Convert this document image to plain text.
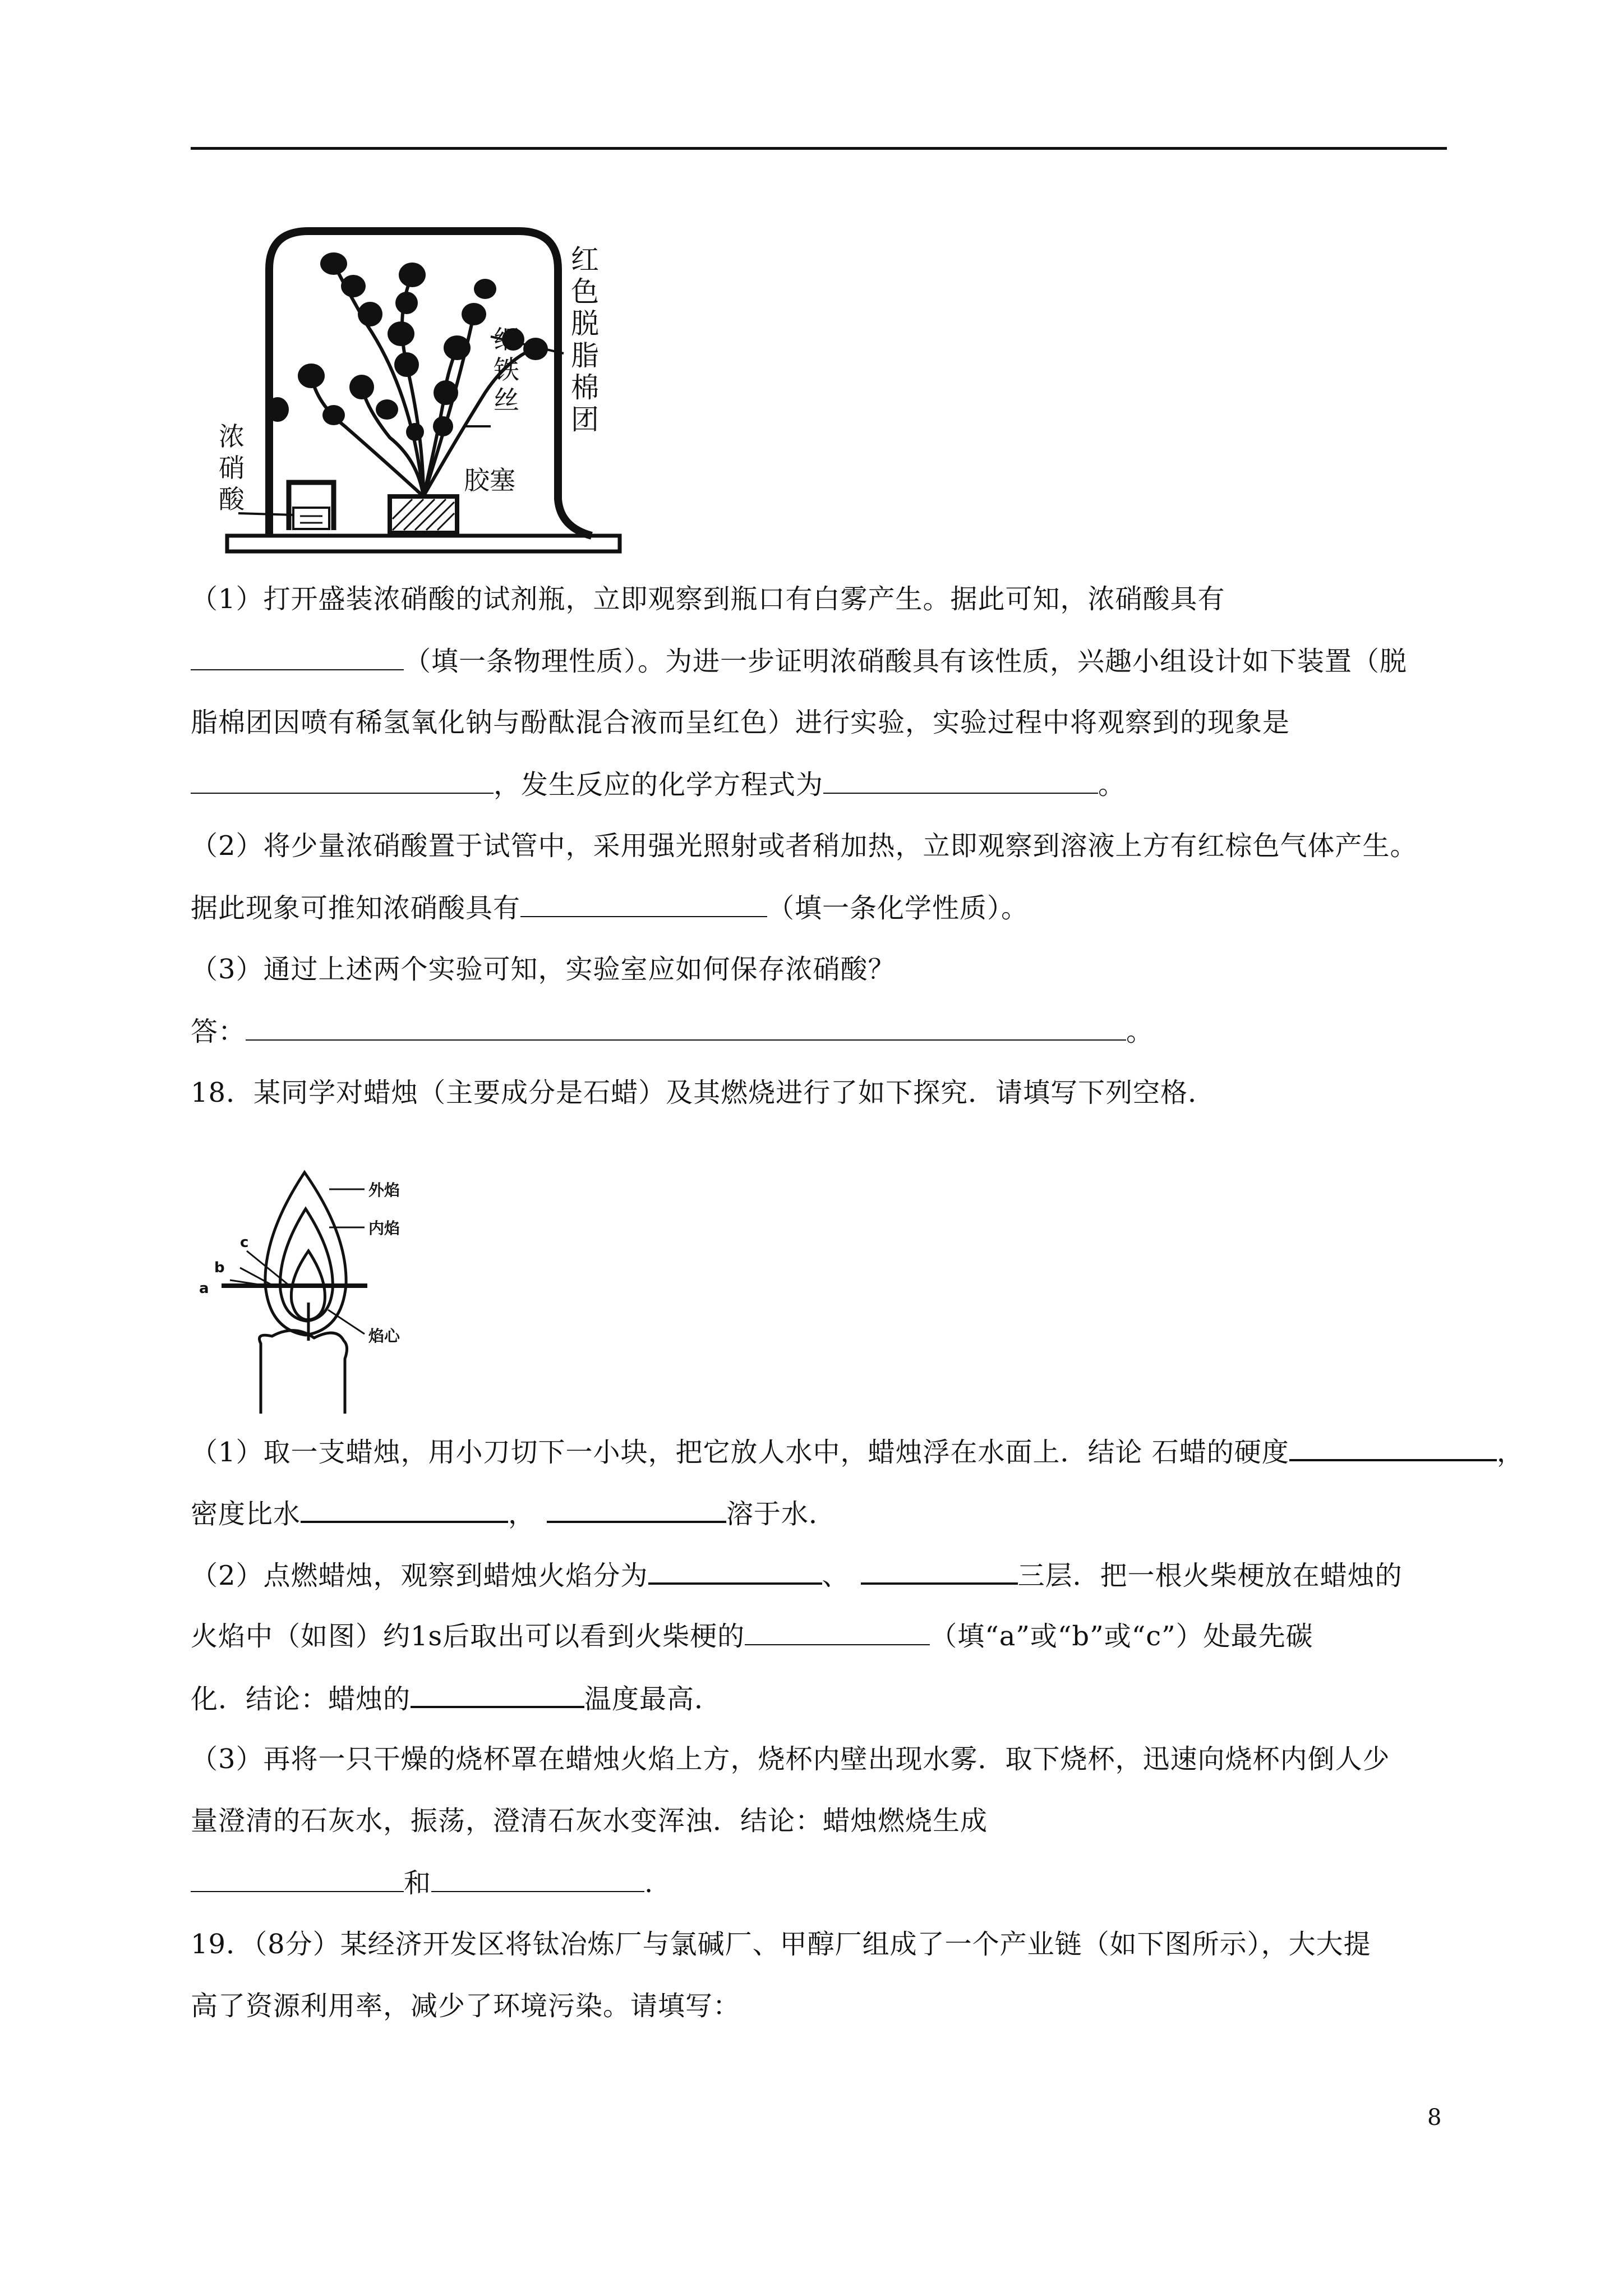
红
色
脱
脂
棉
团
细
铁
丝
胶塞
浓
硝
酸
（1）打开盛装浓硝酸的试剂瓶，立即观察到瓶口有白雾产生。据此可知，浓硝酸具有
（填一条物理性质）。为进一步证明浓硝酸具有该性质，兴趣小组设计如下装置（脱
脂棉团因喷有稀氢氧化钠与酚酞混合液而呈红色）进行实验，实验过程中将观察到的现象是
，发生反应的化学方程式为	。
（2）将少量浓硝酸置于试管中，采用强光照射或者稍加热，立即观察到溶液上方有红棕色气体产生。
据此现象可推知浓硝酸具有	（填一条化学性质）。
（3）通过上述两个实验可知，实验室应如何保存浓硝酸？
答：	。
18．某同学对蜡烛（主要成分是石蜡）及其燃烧进行了如下探究．请填写下列空格．
外焰
内焰
焰心
c
b
a
（1）取一支蜡烛，用小刀切下一小块，把它放人水中，蜡烛浮在水面上．结论 石蜡的硬度	，
密度比水	，	溶于水．
（2）点燃蜡烛，观察到蜡烛火焰分为	、	三层．把一根火柴梗放在蜡烛的
火焰中（如图）约1s后取出可以看到火柴梗的	（填“a”或“b”或“c”）处最先碳
化．结论：蜡烛的	温度最高．
（3）再将一只干燥的烧杯罩在蜡烛火焰上方，烧杯内壁出现水雾．取下烧杯，迅速向烧杯内倒人少
量澄清的石灰水，振荡，澄清石灰水变浑浊．结论：蜡烛燃烧生成
和	.
19．（8分）某经济开发区将钛冶炼厂与氯碱厂、甲醇厂组成了一个产业链（如下图所示），大大提
高了资源利用率，减少了环境污染。请填写：
8
